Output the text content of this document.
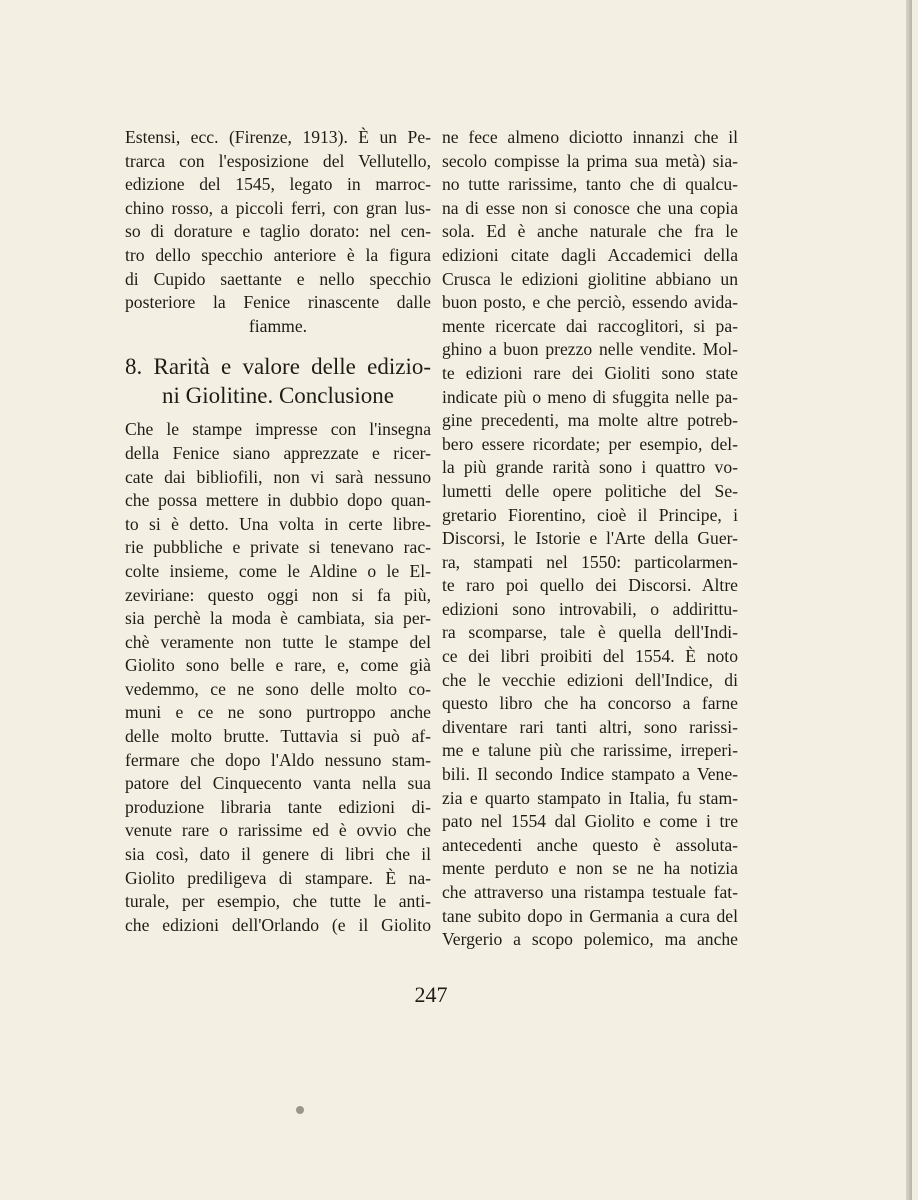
Estensi, ecc. (Firenze, 1913). È un Pe-
trarca con l'esposizione del Vellutello,
edizione del 1545, legato in marroc-
chino rosso, a piccoli ferri, con gran lus-
so di dorature e taglio dorato: nel cen-
tro dello specchio anteriore è la figura
di Cupido saettante e nello specchio
posteriore la Fenice rinascente dalle
fiamme.
8. Rarità e valore delle edizio-
ni Giolitine. Conclusione
Che le stampe impresse con l'insegna
della Fenice siano apprezzate e ricer-
cate dai bibliofili, non vi sarà nessuno
che possa mettere in dubbio dopo quan-
to si è detto. Una volta in certe libre-
rie pubbliche e private si tenevano rac-
colte insieme, come le Aldine o le El-
zeviriane: questo oggi non si fa più,
sia perchè la moda è cambiata, sia per-
chè veramente non tutte le stampe del
Giolito sono belle e rare, e, come già
vedemmo, ce ne sono delle molto co-
muni e ce ne sono purtroppo anche
delle molto brutte. Tuttavia si può af-
fermare che dopo l'Aldo nessuno stam-
patore del Cinquecento vanta nella sua
produzione libraria tante edizioni di-
venute rare o rarissime ed è ovvio che
sia così, dato il genere di libri che il
Giolito prediligeva di stampare. È na-
turale, per esempio, che tutte le anti-
che edizioni dell'Orlando (e il Giolito
ne fece almeno diciotto innanzi che il
secolo compisse la prima sua metà) sia-
no tutte rarissime, tanto che di qualcu-
na di esse non si conosce che una copia
sola. Ed è anche naturale che fra le
edizioni citate dagli Accademici della
Crusca le edizioni giolitine abbiano un
buon posto, e che perciò, essendo avida-
mente ricercate dai raccoglitori, si pa-
ghino a buon prezzo nelle vendite. Mol-
te edizioni rare dei Gioliti sono state
indicate più o meno di sfuggita nelle pa-
gine precedenti, ma molte altre potreb-
bero essere ricordate; per esempio, del-
la più grande rarità sono i quattro vo-
lumetti delle opere politiche del Se-
gretario Fiorentino, cioè il Principe, i
Discorsi, le Istorie e l'Arte della Guer-
ra, stampati nel 1550: particolarmen-
te raro poi quello dei Discorsi. Altre
edizioni sono introvabili, o addirittu-
ra scomparse, tale è quella dell'Indi-
ce dei libri proibiti del 1554. È noto
che le vecchie edizioni dell'Indice, di
questo libro che ha concorso a farne
diventare rari tanti altri, sono rarissi-
me e talune più che rarissime, irreperi-
bili. Il secondo Indice stampato a Vene-
zia e quarto stampato in Italia, fu stam-
pato nel 1554 dal Giolito e come i tre
antecedenti anche questo è assoluta-
mente perduto e non se ne ha notizia
che attraverso una ristampa testuale fat-
tane subito dopo in Germania a cura del
Vergerio a scopo polemico, ma anche
247
